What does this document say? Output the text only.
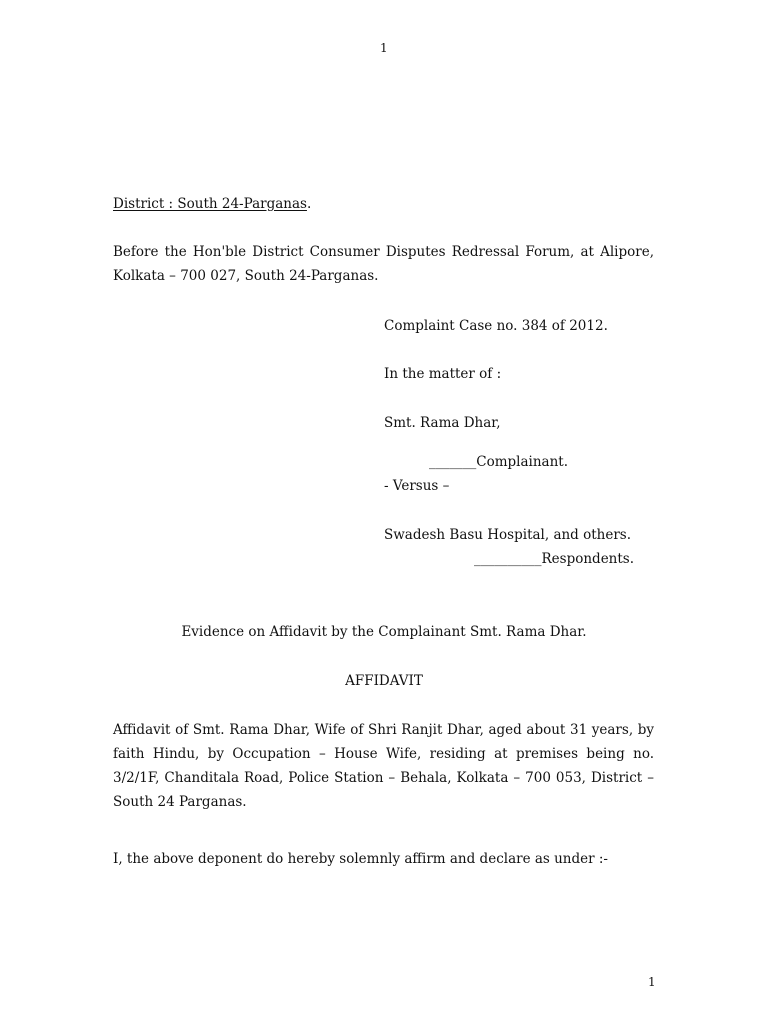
1
District : South 24-Parganas.
Before the Hon'ble District Consumer Disputes Redressal Forum, at Alipore, Kolkata – 700 027, South 24-Parganas.
Complaint Case no. 384 of 2012.
In the matter of :
Smt. Rama Dhar,
_______Complainant.
- Versus –
Swadesh Basu Hospital, and others.
__________Respondents.
Evidence on Affidavit by the Complainant Smt. Rama Dhar.
AFFIDAVIT
Affidavit of Smt. Rama Dhar, Wife of Shri Ranjit Dhar, aged about 31 years, by faith Hindu, by Occupation – House Wife, residing at premises being no. 3/2/1F, Chanditala Road, Police Station – Behala, Kolkata – 700 053, District – South 24 Parganas.
I, the above deponent do hereby solemnly affirm and declare as under :-
1
